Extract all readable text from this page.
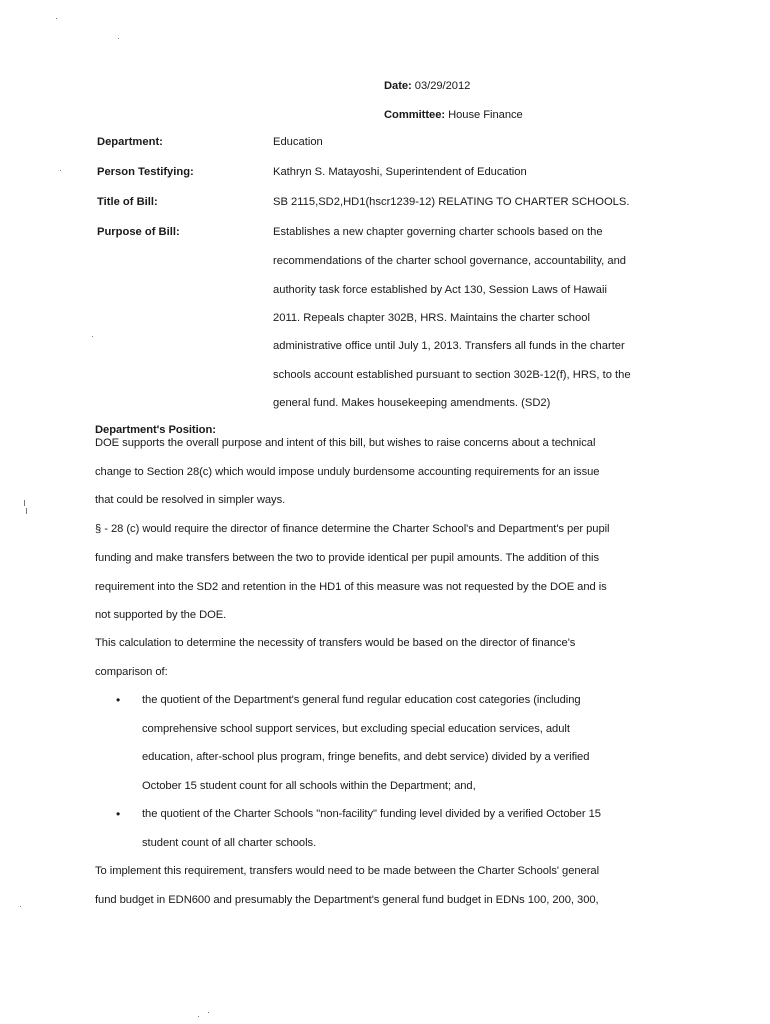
Date: 03/29/2012
Committee: House Finance
Department:	Education
Person Testifying:	Kathryn S. Matayoshi, Superintendent of Education
Title of Bill:	SB 2115,SD2,HD1(hscr1239-12) RELATING TO CHARTER SCHOOLS.
Purpose of Bill:	Establishes a new chapter governing charter schools based on the
recommendations of the charter school governance, accountability, and
authority task force established by Act 130, Session Laws of Hawaii
2011. Repeals chapter 302B, HRS. Maintains the charter school
administrative office until July 1, 2013. Transfers all funds in the charter
schools account established pursuant to section 302B-12(f), HRS, to the
general fund. Makes housekeeping amendments. (SD2)
Department's Position:
DOE supports the overall purpose and intent of this bill, but wishes to raise concerns about a technical
change to Section 28(c) which would impose unduly burdensome accounting requirements for an issue
that could be resolved in simpler ways.
§ - 28 (c) would require the director of finance determine the Charter School's and Department's per pupil
funding and make transfers between the two to provide identical per pupil amounts. The addition of this
requirement into the SD2 and retention in the HD1 of this measure was not requested by the DOE and is
not supported by the DOE.
This calculation to determine the necessity of transfers would be based on the director of finance's
comparison of:
• the quotient of the Department's general fund regular education cost categories (including
comprehensive school support services, but excluding special education services, adult
education, after-school plus program, fringe benefits, and debt service) divided by a verified
October 15 student count for all schools within the Department; and,
• the quotient of the Charter Schools "non-facility" funding level divided by a verified October 15
student count of all charter schools.
To implement this requirement, transfers would need to be made between the Charter Schools' general
fund budget in EDN600 and presumably the Department's general fund budget in EDNs 100, 200, 300,
